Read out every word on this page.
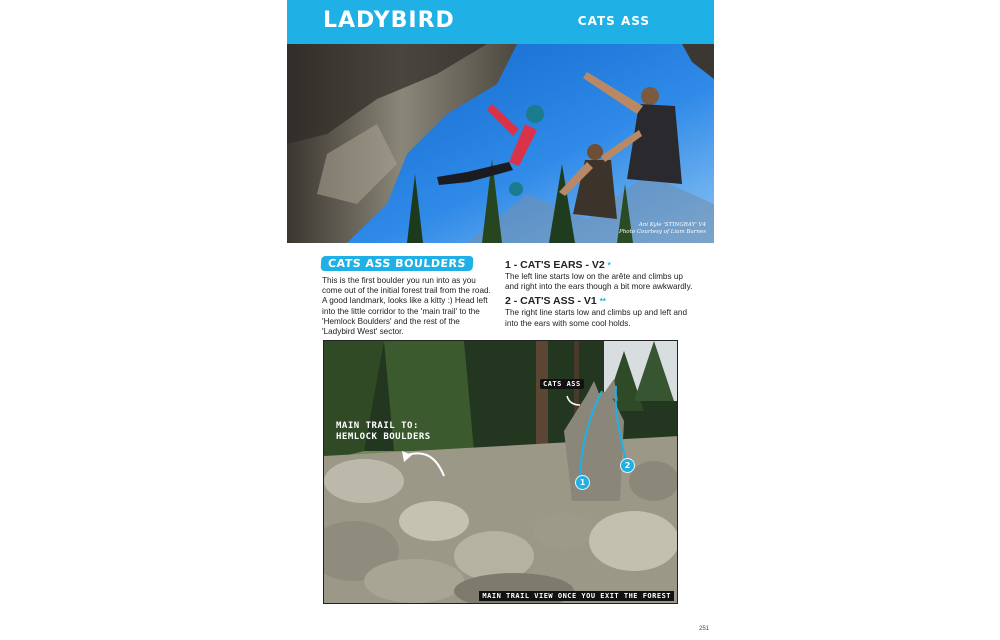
LADYBIRD	CATS ASS
Ani Kyle 'STINGRAY' V4
Photo Courtesy of Liam Barnes
CATS ASS BOULDERS
This is the first boulder you run into as you come out of the initial forest trail from the road. A good landmark, looks like a kitty :) Head left into the little corridor to the 'main trail' to the 'Hemlock Boulders' and the rest of the 'Ladybird West' sector.
1 - CAT'S EARS - V2 *
The left line starts low on the arête and climbs up and right into the ears though a bit more awkwardly.
2 - CAT'S ASS - V1 **
The right line starts low and climbs up and left and into the ears with some cool holds.
CATS ASS
MAIN TRAIL TO:
HEMLOCK BOULDERS
1
2
MAIN TRAIL VIEW ONCE YOU EXIT THE FOREST
251
